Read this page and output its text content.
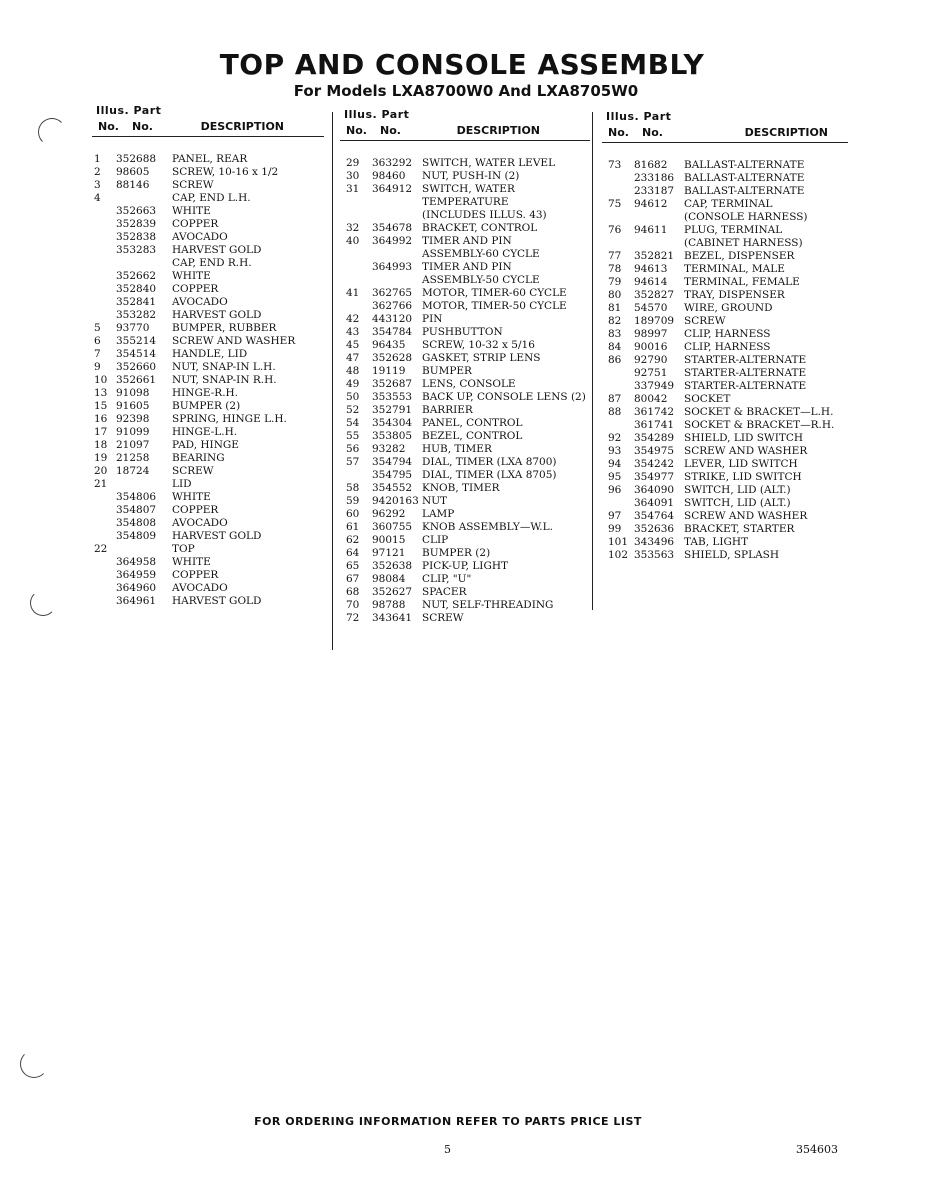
TOP AND CONSOLE ASSEMBLY
For Models LXA8700W0 And LXA8705W0
Illus. Part
No. No.	DESCRIPTION
1	352688	PANEL, REAR
2	98605	SCREW, 10-16 x 1/2
3	88146	SCREW
4	CAP, END L.H.
352663	WHITE
352839	COPPER
352838	AVOCADO
353283	HARVEST GOLD
CAP, END R.H.
352662	WHITE
352840	COPPER
352841	AVOCADO
353282	HARVEST GOLD
5	93770	BUMPER, RUBBER
6	355214	SCREW AND WASHER
7	354514	HANDLE, LID
9	352660	NUT, SNAP-IN L.H.
10 352661	NUT, SNAP-IN R.H.
13 91098	HINGE-R.H.
15 91605	BUMPER (2)
16 92398	SPRING, HINGE L.H.
17 91099	HINGE-L.H.
18 21097	PAD, HINGE
19 21258	BEARING
20 18724	SCREW
21	LID
354806	WHITE
354807	COPPER
354808	AVOCADO
354809	HARVEST GOLD
22	TOP
364958	WHITE
364959	COPPER
364960	AVOCADO
364961	HARVEST GOLD
Illus. Part
No. No.	DESCRIPTION
29	363292 SWITCH, WATER LEVEL
30	98460	NUT, PUSH-IN (2)
31	364912 SWITCH, WATER
TEMPERATURE
(INCLUDES ILLUS. 43)
32	354678 BRACKET, CONTROL
40	364992 TIMER AND PIN
ASSEMBLY-60 CYCLE
364993 TIMER AND PIN
ASSEMBLY-50 CYCLE
41	362765 MOTOR, TIMER-60 CYCLE
362766 MOTOR, TIMER-50 CYCLE
42	443120 PIN
43	354784 PUSHBUTTON
45	96435	SCREW, 10-32 x 5/16
47	352628 GASKET, STRIP LENS
48	19119	BUMPER
49	352687 LENS, CONSOLE
50	353553 BACK UP, CONSOLE LENS (2)
52	352791 BARRIER
54	354304 PANEL, CONTROL
55	353805 BEZEL, CONTROL
56	93282	HUB, TIMER
57	354794 DIAL, TIMER (LXA 8700)
354795 DIAL, TIMER (LXA 8705)
58	354552 KNOB, TIMER
59	9420163 NUT
60	96292	LAMP
61	360755 KNOB ASSEMBLY—W.L.
62	90015	CLIP
64	97121	BUMPER (2)
65	352638 PICK-UP, LIGHT
67	98084	CLIP, "U"
68	352627 SPACER
70	98788	NUT, SELF-THREADING
72	343641 SCREW
Illus. Part
No. No.	DESCRIPTION
73	81682	BALLAST-ALTERNATE
233186 BALLAST-ALTERNATE
233187 BALLAST-ALTERNATE
75	94612	CAP, TERMINAL
(CONSOLE HARNESS)
76	94611	PLUG, TERMINAL
(CABINET HARNESS)
77	352821 BEZEL, DISPENSER
78	94613	TERMINAL, MALE
79	94614	TERMINAL, FEMALE
80	352827 TRAY, DISPENSER
81	54570	WIRE, GROUND
82	189709 SCREW
83	98997	CLIP, HARNESS
84	90016	CLIP, HARNESS
86	92790	STARTER-ALTERNATE
92751	STARTER-ALTERNATE
337949 STARTER-ALTERNATE
87	80042	SOCKET
88	361742 SOCKET & BRACKET—L.H.
361741 SOCKET & BRACKET—R.H.
92	354289 SHIELD, LID SWITCH
93	354975 SCREW AND WASHER
94	354242 LEVER, LID SWITCH
95	354977 STRIKE, LID SWITCH
96	364090 SWITCH, LID (ALT.)
364091 SWITCH, LID (ALT.)
97	354764 SCREW AND WASHER
99	352636 BRACKET, STARTER
101 343496 TAB, LIGHT
102 353563 SHIELD, SPLASH
FOR ORDERING INFORMATION REFER TO PARTS PRICE LIST
5	354603
